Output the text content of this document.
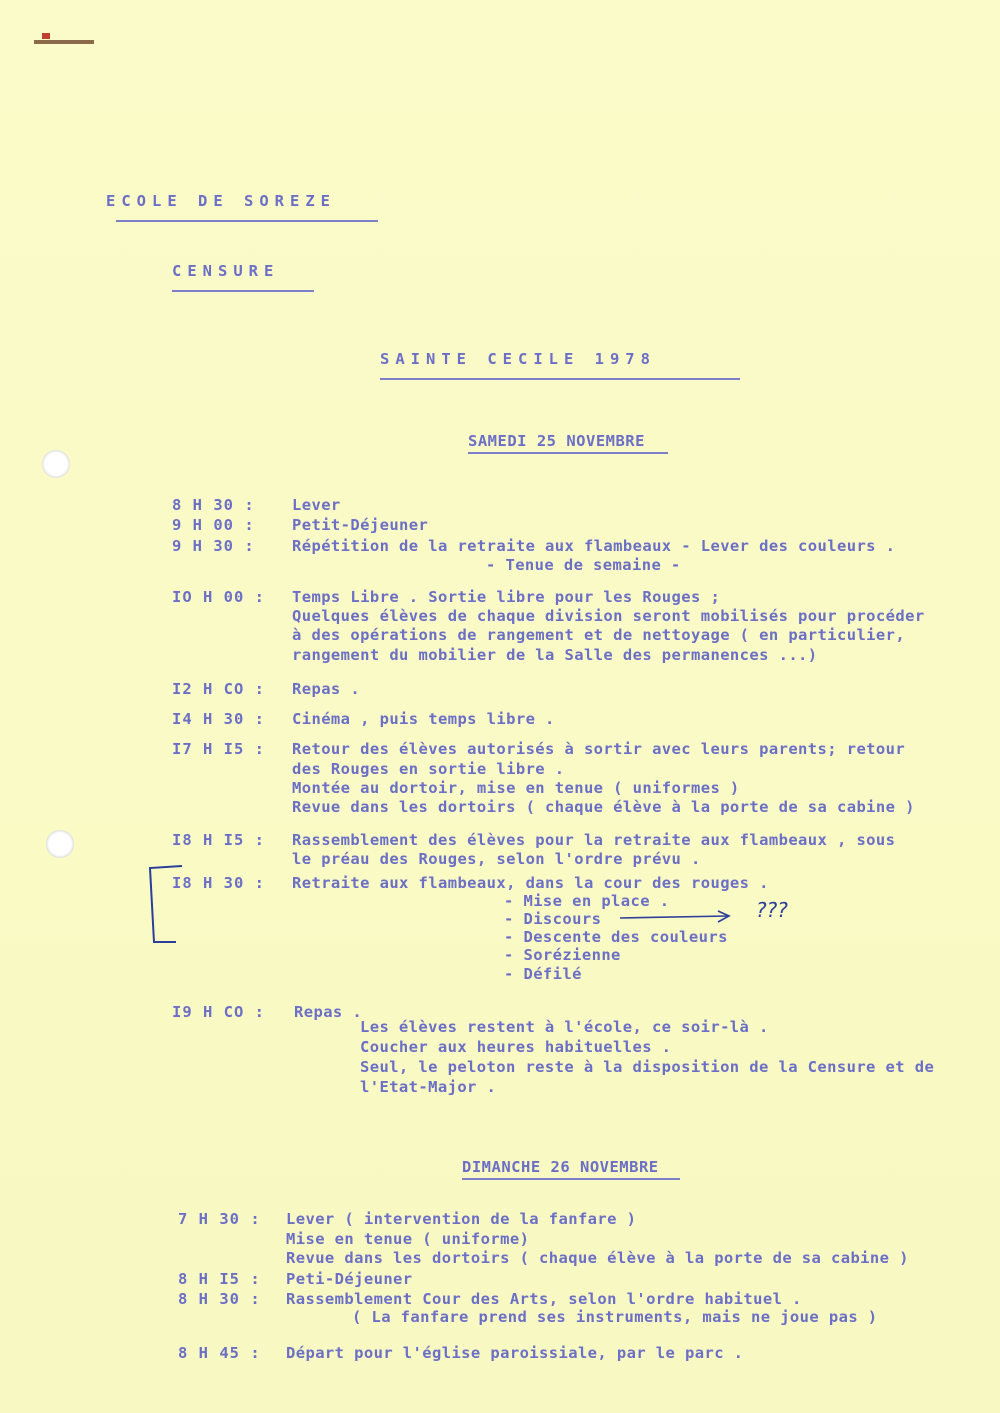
ECOLE DE SOREZE
CENSURE
SAINTE CECILE 1978
SAMEDI 25 NOVEMBRE
8 H 30 : Lever
9 H 00 : Petit-Déjeuner
9 H 30 : Répétition de la retraite aux flambeaux - Lever des couleurs .
- Tenue de semaine -
IO H 00 : Temps Libre . Sortie libre pour les Rouges ;
Quelques élèves de chaque division seront mobilisés pour procéder
à des opérations de rangement et de nettoyage ( en particulier,
rangement du mobilier de la Salle des permanences ...)
I2 H CO : Repas .
I4 H 30 : Cinéma , puis temps libre .
I7 H I5 : Retour des élèves autorisés à sortir avec leurs parents; retour
des Rouges en sortie libre .
Montée au dortoir, mise en tenue ( uniformes )
Revue dans les dortoirs ( chaque élève à la porte de sa cabine )
I8 H I5 : Rassemblement des élèves pour la retraite aux flambeaux , sous
le préau des Rouges, selon l'ordre prévu .
I8 H 30 : Retraite aux flambeaux, dans la cour des rouges .
- Mise en place .
- Discours
- Descente des couleurs
- Sorézienne
- Défilé
I9 H CO : Repas .
Les élèves restent à l'école, ce soir-là .
Coucher aux heures habituelles .
Seul, le peloton reste à la disposition de la Censure et de
l'Etat-Major .
DIMANCHE 26 NOVEMBRE
7 H 30 : Lever ( intervention de la fanfare )
Mise en tenue ( uniforme)
Revue dans les dortoirs ( chaque élève à la porte de sa cabine )
8 H I5 : Peti-Déjeuner
8 H 30 : Rassemblement Cour des Arts, selon l'ordre habituel .
( La fanfare prend ses instruments, mais ne joue pas )
8 H 45 : Départ pour l'église paroissiale, par le parc .
???
